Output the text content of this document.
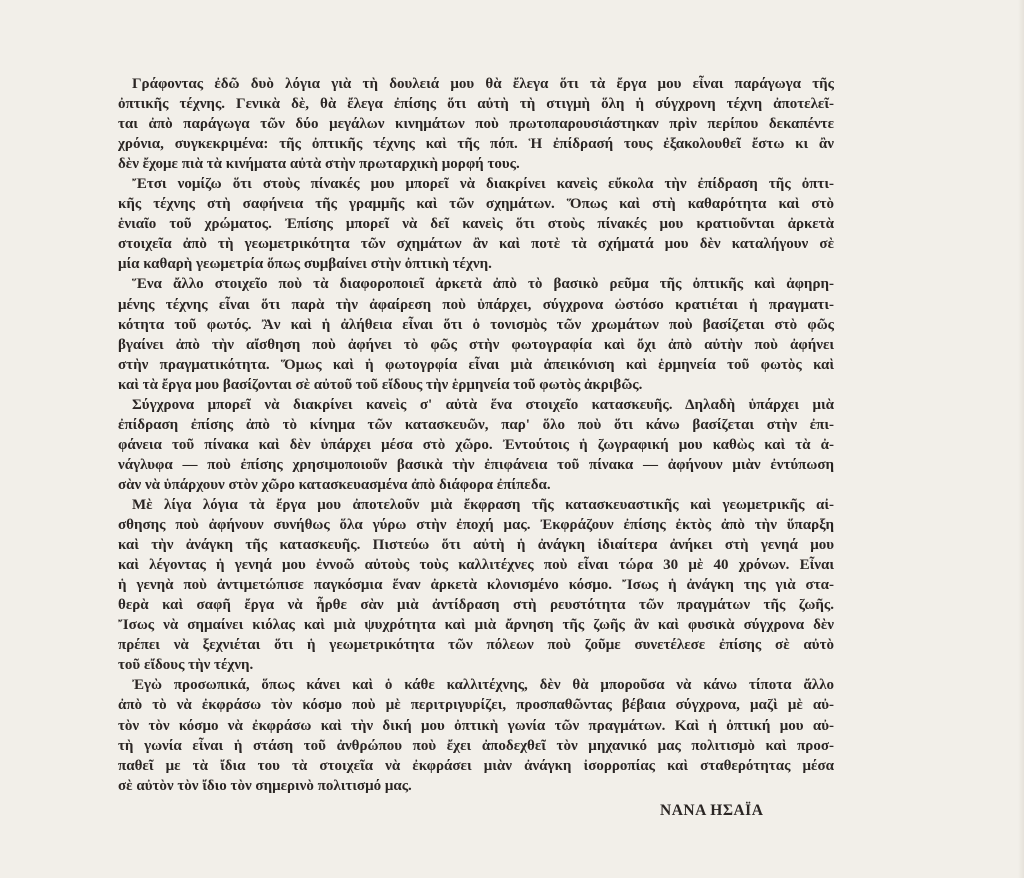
Γράφοντας ἐδῶ δυὸ λόγια γιὰ τὴ δουλειά μου θὰ ἔλεγα ὅτι τὰ ἔργα μου εἶναι παράγωγα τῆς
ὀπτικῆς τέχνης. Γενικὰ δὲ, θὰ ἔλεγα ἐπίσης ὅτι αὐτὴ τὴ στιγμὴ ὅλη ἡ σύγχρονη τέχνη ἀποτελεῖ-
ται ἀπὸ παράγωγα τῶν δύο μεγάλων κινημάτων ποὺ πρωτοπαρουσιάστηκαν πρὶν περίπου δεκαπέντε
χρόνια, συγκεκριμένα: τῆς ὀπτικῆς τέχνης καὶ τῆς πόπ. Ἡ ἐπίδρασή τους ἐξακολουθεῖ ἔστω κι ἂν
δὲν ἔχομε πιὰ τὰ κινήματα αὐτὰ στὴν πρωταρχικὴ μορφή τους.
Ἔτσι νομίζω ὅτι στοὺς πίνακές μου μπορεῖ νὰ διακρίνει κανεὶς εὔκολα τὴν ἐπίδραση τῆς ὀπτι-
κῆς τέχνης στὴ σαφήνεια τῆς γραμμῆς καὶ τῶν σχημάτων. Ὅπως καὶ στὴ καθαρότητα καὶ στὸ
ἑνιαῖο τοῦ χρώματος. Ἐπίσης μπορεῖ νὰ δεῖ κανεὶς ὅτι στοὺς πίνακές μου κρατιοῦνται ἀρκετὰ
στοιχεῖα ἀπὸ τὴ γεωμετρικότητα τῶν σχημάτων ἂν καὶ ποτὲ τὰ σχήματά μου δὲν καταλήγουν σὲ
μία καθαρὴ γεωμετρία ὅπως συμβαίνει στὴν ὀπτικὴ τέχνη.
Ἕνα ἄλλο στοιχεῖο ποὺ τὰ διαφοροποιεῖ ἀρκετὰ ἀπὸ τὸ βασικὸ ρεῦμα τῆς ὀπτικῆς καὶ ἀφηρη-
μένης τέχνης εἶναι ὅτι παρὰ τὴν ἀφαίρεση ποὺ ὑπάρχει, σύγχρονα ὡστόσο κρατιέται ἡ πραγματι-
κότητα τοῦ φωτός. Ἂν καὶ ἡ ἀλήθεια εἶναι ὅτι ὁ τονισμὸς τῶν χρωμάτων ποὺ βασίζεται στὸ φῶς
βγαίνει ἀπὸ τὴν αἴσθηση ποὺ ἀφήνει τὸ φῶς στὴν φωτογραφία καὶ ὄχι ἀπὸ αὐτὴν ποὺ ἀφήνει
στὴν πραγματικότητα. Ὅμως καὶ ἡ φωτογρφία εἶναι μιὰ ἀπεικόνιση καὶ ἑρμηνεία τοῦ φωτὸς καὶ
καὶ τὰ ἔργα μου βασίζονται σὲ αὐτοῦ τοῦ εἴδους τὴν ἑρμηνεία τοῦ φωτὸς ἀκριβῶς.
Σύγχρονα μπορεῖ νὰ διακρίνει κανεὶς σ' αὐτὰ ἕνα στοιχεῖο κατασκευῆς. Δηλαδὴ ὑπάρχει μιὰ
ἐπίδραση ἐπίσης ἀπὸ τὸ κίνημα τῶν κατασκευῶν, παρ' ὅλο ποὺ ὅτι κάνω βασίζεται στὴν ἐπι-
φάνεια τοῦ πίνακα καὶ δὲν ὑπάρχει μέσα στὸ χῶρο. Ἐντούτοις ἡ ζωγραφική μου καθὼς καὶ τὰ ἀ-
νάγλυφα — ποὺ ἐπίσης χρησιμοποιοῦν βασικὰ τὴν ἐπιφάνεια τοῦ πίνακα — ἀφήνουν μιὰν ἐντύπωση
σὰν νὰ ὑπάρχουν στὸν χῶρο κατασκευασμένα ἀπὸ διάφορα ἐπίπεδα.
Μὲ λίγα λόγια τὰ ἔργα μου ἀποτελοῦν μιὰ ἔκφραση τῆς κατασκευαστικῆς καὶ γεωμετρικῆς αἰ-
σθησης ποὺ ἀφήνουν συνήθως ὅλα γύρω στὴν ἐποχή μας. Ἐκφράζουν ἐπίσης ἐκτὸς ἀπὸ τὴν ὕπαρξη
καὶ τὴν ἀνάγκη τῆς κατασκευῆς. Πιστεύω ὅτι αὐτὴ ἡ ἀνάγκη ἰδιαίτερα ἀνήκει στὴ γενηά μου
καὶ λέγοντας ἡ γενηά μου ἐννοῶ αὐτοὺς τοὺς καλλιτέχνες ποὺ εἶναι τώρα 30 μὲ 40 χρόνων. Εἶναι
ἡ γενηὰ ποὺ ἀντιμετώπισε παγκόσμια ἕναν ἀρκετὰ κλονισμένο κόσμο. Ἴσως ἡ ἀνάγκη της γιὰ στα-
θερὰ καὶ σαφῆ ἔργα νὰ ἦρθε σὰν μιὰ ἀντίδραση στὴ ρευστότητα τῶν πραγμάτων τῆς ζωῆς.
Ἴσως νὰ σημαίνει κιόλας καὶ μιὰ ψυχρότητα καὶ μιὰ ἄρνηση τῆς ζωῆς ἂν καὶ φυσικὰ σύγχρονα δὲν
πρέπει νὰ ξεχνιέται ὅτι ἡ γεωμετρικότητα τῶν πόλεων ποὺ ζοῦμε συνετέλεσε ἐπίσης σὲ αὐτὸ
τοῦ εἴδους τὴν τέχνη.
Ἐγὼ προσωπικά, ὅπως κάνει καὶ ὁ κάθε καλλιτέχνης, δὲν θὰ μποροῦσα νὰ κάνω τίποτα ἄλλο
ἀπὸ τὸ νὰ ἐκφράσω τὸν κόσμο ποὺ μὲ περιτριγυρίζει, προσπαθῶντας βέβαια σύγχρονα, μαζὶ μὲ αὐ-
τὸν τὸν κόσμο νὰ ἐκφράσω καὶ τὴν δική μου ὀπτικὴ γωνία τῶν πραγμάτων. Καὶ ἡ ὀπτική μου αὐ-
τὴ γωνία εἶναι ἡ στάση τοῦ ἀνθρώπου ποὺ ἔχει ἀποδεχθεῖ τὸν μηχανικό μας πολιτισμὸ καὶ προσ-
παθεῖ με τὰ ἴδια του τὰ στοιχεῖα νὰ ἐκφράσει μιὰν ἀνάγκη ἰσορροπίας καὶ σταθερότητας μέσα
σὲ αὐτὸν τὸν ἴδιο τὸν σημερινὸ πολιτισμό μας.
ΝΑΝΑ ΗΣΑΪΑ
